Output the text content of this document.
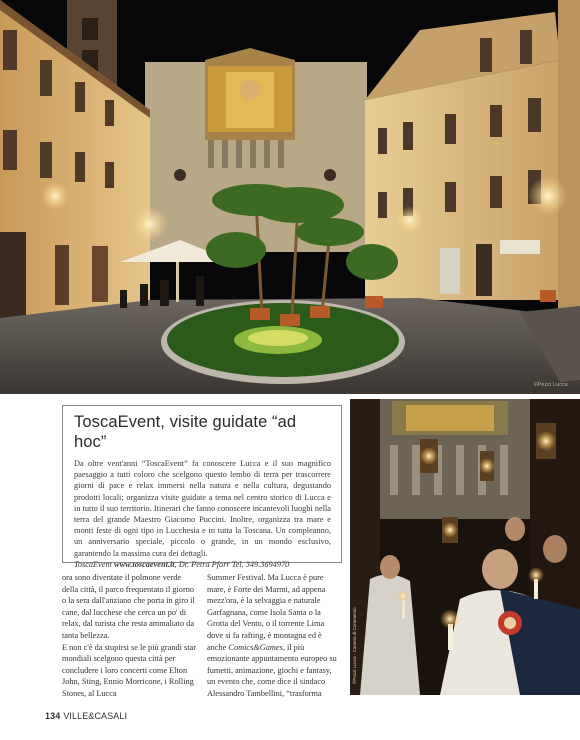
©Pezzi Lucca
ToscaEvent, visite guidate “ad hoc”

Da oltre vent'anni “ToscaEvent” fa conoscere Lucca e il suo magnifico paesaggio a tutti coloro che scelgono questo lembo di terra per trascorrere giorni di pace e relax immersi nella natura e nella cultura, degustando prodotti locali; organizza visite guidate a tema nel centro storico di Lucca e in tutto il suo territorio. Itinerari che fanno conoscere incantevoli luoghi nella terra del grande Maestro Giacomo Puccini. Inoltre, organizza tra mare e monti feste di ogni tipo in Lucchesia e in tutta la Toscana. Un compleanno, un anniversario speciale, piccolo o grande, in un mondo esclusivo, garantendo la massima cura dei dettagli.

ToscaEvent www.toscaevent.it, Dr. Petra Pforr Tel. 349.3694970

ora sono diventate il polmone verde della città, il parco frequentato il giorno o la sera dall'anziano che porta in giro il cane, dal lucchese che cerca un po' di relax, dal turista che resta ammaliato da tanta bellezza.

E non c'è da stupirsi se le più grandi star mondiali scelgono questa città per concludere i loro concerti come Elton John, Sting, Ennio Morricone, i Rolling Stones, al Lucca

Summer Festival. Ma Lucca è pure mare, è Forte dei Marmi, ad appena mezz'ora, è la selvaggia e naturale Garfagnana, come Isola Santa o la Grotta del Vento, o il torrente Lima dove si fa rafting, è montagna ed è anche Comics&Games, il più emozionante appuntamento europeo su fumetti, animazione, giochi e fantasy, un evento che, come dice il sindaco Alessandro Tambellini, “trasforma

©Pezzi Lucca - Camera di Commercio
134 VILLE&CASALI
